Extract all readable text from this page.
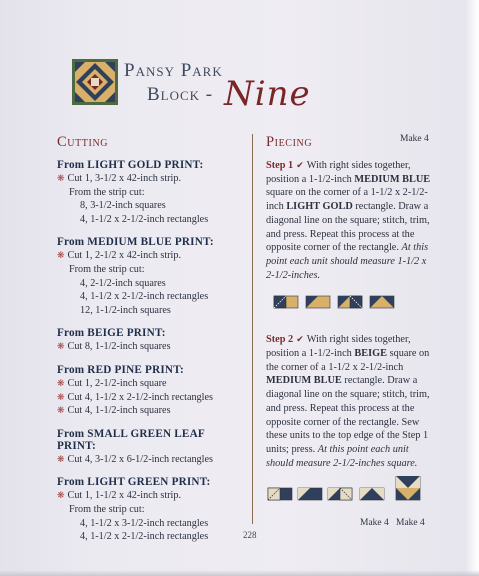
Pansy Park
Block - Nine
Cutting
From LIGHT GOLD PRINT:
❋ Cut 1, 3-1/2 x 42-inch strip.
From the strip cut:
8, 3-1/2-inch squares
4, 1-1/2 x 2-1/2-inch rectangles
From MEDIUM BLUE PRINT:
❋ Cut 1, 2-1/2 x 42-inch strip.
From the strip cut:
4, 2-1/2-inch squares
4, 1-1/2 x 2-1/2-inch rectangles
12, 1-1/2-inch squares
From BEIGE PRINT:
❋ Cut 8, 1-1/2-inch squares
From RED PINE PRINT:
❋ Cut 1, 2-1/2-inch square
❋ Cut 4, 1-1/2 x 2-1/2-inch rectangles
❋ Cut 4, 1-1/2-inch squares
From SMALL GREEN LEAF PRINT:
❋ Cut 4, 3-1/2 x 6-1/2-inch rectangles
From LIGHT GREEN PRINT:
❋ Cut 1, 1-1/2 x 42-inch strip.
From the strip cut:
4, 1-1/2 x 3-1/2-inch rectangles
4, 1-1/2 x 2-1/2-inch rectangles
Piecing
Step 1 ✔ With right sides together, position a 1-1/2-inch MEDIUM BLUE square on the corner of a 1-1/2 x 2-1/2-inch LIGHT GOLD rectangle. Draw a diagonal line on the square; stitch, trim, and press. Repeat this process at the opposite corner of the rectangle. At this point each unit should measure 1-1/2 x 2-1/2-inches.
Make 4
Step 2 ✔ With right sides together, position a 1-1/2-inch BEIGE square on the corner of a 1-1/2 x 2-1/2-inch MEDIUM BLUE rectangle. Draw a diagonal line on the square; stitch, trim, and press. Repeat this process at the opposite corner of the rectangle. Sew these units to the top edge of the Step 1 units; press. At this point each unit should measure 2-1/2-inches square.
Make 4 Make 4
228
